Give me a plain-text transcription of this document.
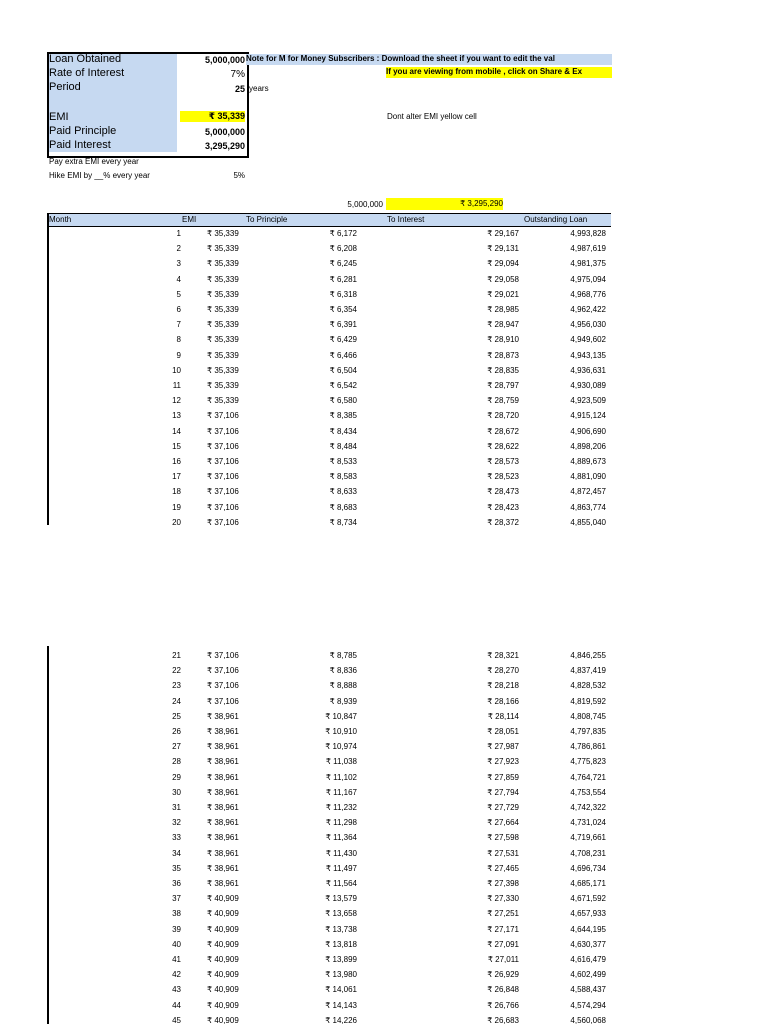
Loan Obtained	5,000,000
Rate of Interest	7%
Period	25 years
EMI	₹ 35,339
Paid Principle	5,000,000
Paid Interest	3,295,290
Pay extra EMI every year
Hike EMI by __% every year	5%
Note for M for Money Subscribers : Download the sheet if you want to edit the val
If you are viewing from mobile , click on Share & Ex
Dont alter EMI yellow cell
5,000,000	₹ 3,295,290
Month	EMI	To Principle	To Interest	Outstanding Loan
1	₹ 35,339	₹ 6,172	₹ 29,167	4,993,828
2	₹ 35,339	₹ 6,208	₹ 29,131	4,987,619
3	₹ 35,339	₹ 6,245	₹ 29,094	4,981,375
4	₹ 35,339	₹ 6,281	₹ 29,058	4,975,094
5	₹ 35,339	₹ 6,318	₹ 29,021	4,968,776
6	₹ 35,339	₹ 6,354	₹ 28,985	4,962,422
7	₹ 35,339	₹ 6,391	₹ 28,947	4,956,030
8	₹ 35,339	₹ 6,429	₹ 28,910	4,949,602
9	₹ 35,339	₹ 6,466	₹ 28,873	4,943,135
10	₹ 35,339	₹ 6,504	₹ 28,835	4,936,631
11	₹ 35,339	₹ 6,542	₹ 28,797	4,930,089
12	₹ 35,339	₹ 6,580	₹ 28,759	4,923,509
13	₹ 37,106	₹ 8,385	₹ 28,720	4,915,124
14	₹ 37,106	₹ 8,434	₹ 28,672	4,906,690
15	₹ 37,106	₹ 8,484	₹ 28,622	4,898,206
16	₹ 37,106	₹ 8,533	₹ 28,573	4,889,673
17	₹ 37,106	₹ 8,583	₹ 28,523	4,881,090
18	₹ 37,106	₹ 8,633	₹ 28,473	4,872,457
19	₹ 37,106	₹ 8,683	₹ 28,423	4,863,774
20	₹ 37,106	₹ 8,734	₹ 28,372	4,855,040
21	₹ 37,106	₹ 8,785	₹ 28,321	4,846,255
22	₹ 37,106	₹ 8,836	₹ 28,270	4,837,419
23	₹ 37,106	₹ 8,888	₹ 28,218	4,828,532
24	₹ 37,106	₹ 8,939	₹ 28,166	4,819,592
25	₹ 38,961	₹ 10,847	₹ 28,114	4,808,745
26	₹ 38,961	₹ 10,910	₹ 28,051	4,797,835
27	₹ 38,961	₹ 10,974	₹ 27,987	4,786,861
28	₹ 38,961	₹ 11,038	₹ 27,923	4,775,823
29	₹ 38,961	₹ 11,102	₹ 27,859	4,764,721
30	₹ 38,961	₹ 11,167	₹ 27,794	4,753,554
31	₹ 38,961	₹ 11,232	₹ 27,729	4,742,322
32	₹ 38,961	₹ 11,298	₹ 27,664	4,731,024
33	₹ 38,961	₹ 11,364	₹ 27,598	4,719,661
34	₹ 38,961	₹ 11,430	₹ 27,531	4,708,231
35	₹ 38,961	₹ 11,497	₹ 27,465	4,696,734
36	₹ 38,961	₹ 11,564	₹ 27,398	4,685,171
37	₹ 40,909	₹ 13,579	₹ 27,330	4,671,592
38	₹ 40,909	₹ 13,658	₹ 27,251	4,657,933
39	₹ 40,909	₹ 13,738	₹ 27,171	4,644,195
40	₹ 40,909	₹ 13,818	₹ 27,091	4,630,377
41	₹ 40,909	₹ 13,899	₹ 27,011	4,616,479
42	₹ 40,909	₹ 13,980	₹ 26,929	4,602,499
43	₹ 40,909	₹ 14,061	₹ 26,848	4,588,437
44	₹ 40,909	₹ 14,143	₹ 26,766	4,574,294
45	₹ 40,909	₹ 14,226	₹ 26,683	4,560,068
